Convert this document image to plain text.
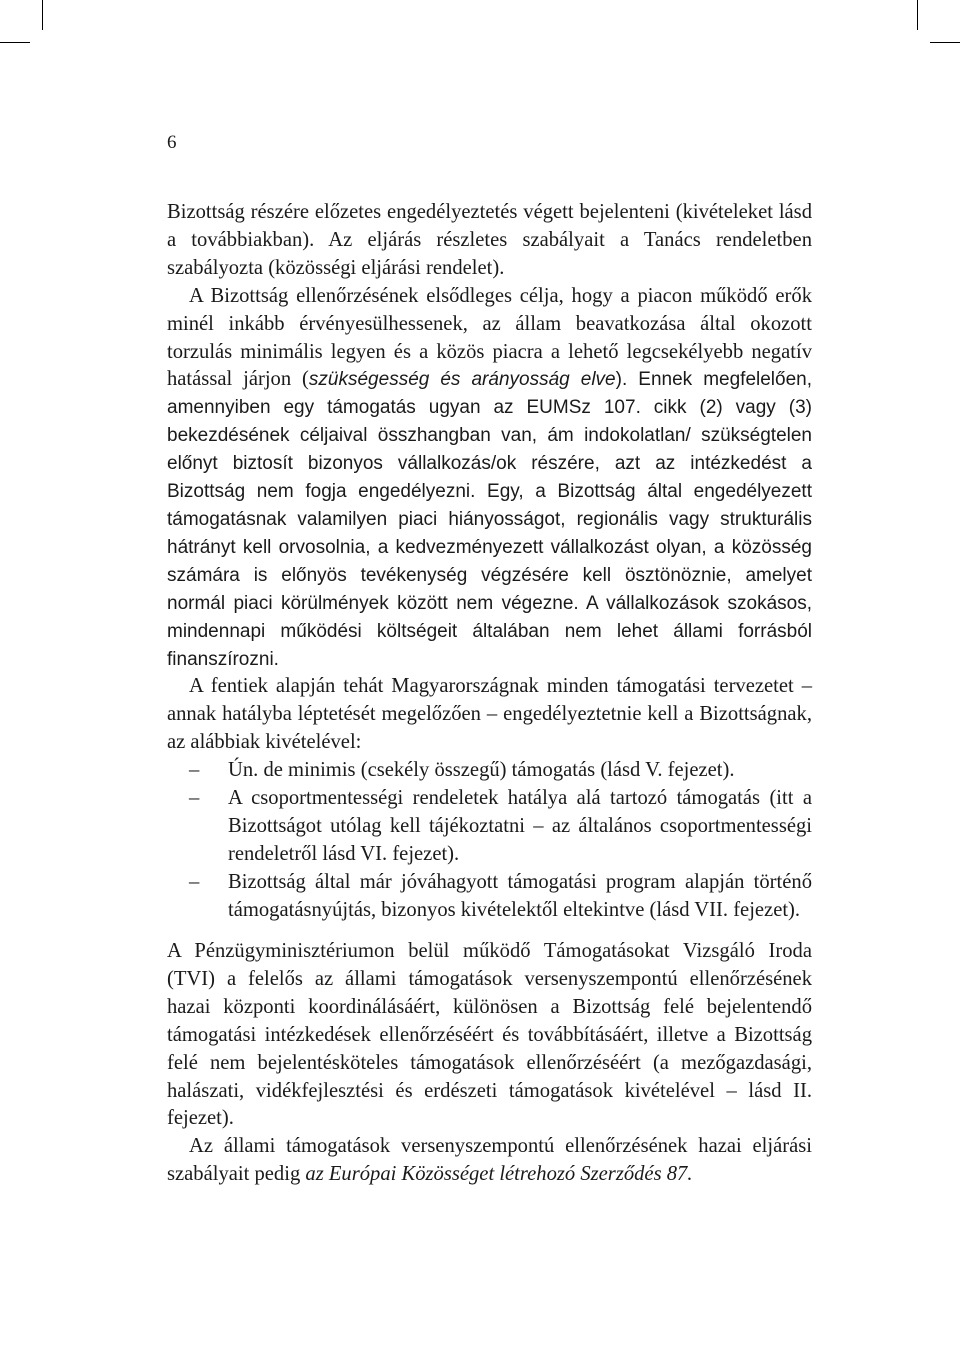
6

Bizottság részére előzetes engedélyeztetés végett bejelenteni (kivételeket lásd a továbbiakban). Az eljárás részletes szabályait a Tanács rendeletben szabályozta (közösségi eljárási rendelet).

A Bizottság ellenőrzésének elsődleges célja, hogy a piacon működő erők minél inkább érvényesülhessenek, az állam beavatkozása által okozott torzulás minimális legyen és a közös piacra a lehető legcsekélyebb negatív hatással járjon (szükségesség és arányosság elve). Ennek megfelelően, amennyiben egy támogatás ugyan az EUMSz 107. cikk (2) vagy (3) bekezdésének céljaival összhangban van, ám indokolatlan/ szükségtelen előnyt biztosít bizonyos vállalkozás/ok részére, azt az intézkedést a Bizottság nem fogja engedélyezni. Egy, a Bizottság által engedélyezett támogatásnak valamilyen piaci hiányosságot, regionális vagy strukturális hátrányt kell orvosolnia, a kedvezményezett vállalkozást olyan, a közösség számára is előnyös tevékenység végzésére kell ösztönöznie, amelyet normál piaci körülmények között nem végezne. A vállalkozások szokásos, mindennapi működési költségeit általában nem lehet állami forrásból finanszírozni.

A fentiek alapján tehát Magyarországnak minden támogatási tervezetet – annak hatályba léptetését megelőzően – engedélyeztetnie kell a Bizottságnak, az alábbiak kivételével:

– Ún. de minimis (csekély összegű) támogatás (lásd V. fejezet).
– A csoportmentességi rendeletek hatálya alá tartozó támogatás (itt a Bizottságot utólag kell tájékoztatni – az általános csoportmentességi rendeletről lásd VI. fejezet).
– Bizottság által már jóváhagyott támogatási program alapján történő támogatásnyújtás, bizonyos kivételektől eltekintve (lásd VII. fejezet).

A Pénzügyminisztériumon belül működő Támogatásokat Vizsgáló Iroda (TVI) a felelős az állami támogatások versenyszempontú ellenőrzésének hazai központi koordinálásáért, különösen a Bizottság felé bejelentendő támogatási intézkedések ellenőrzéséért és továbbításáért, illetve a Bizottság felé nem bejelentésköteles támogatások ellenőrzéséért (a mezőgazdasági, halászati, vidékfejlesztési és erdészeti támogatások kivételével – lásd II. fejezet).

Az állami támogatások versenyszempontú ellenőrzésének hazai eljárási szabályait pedig az Európai Közösséget létrehozó Szerződés 87.
